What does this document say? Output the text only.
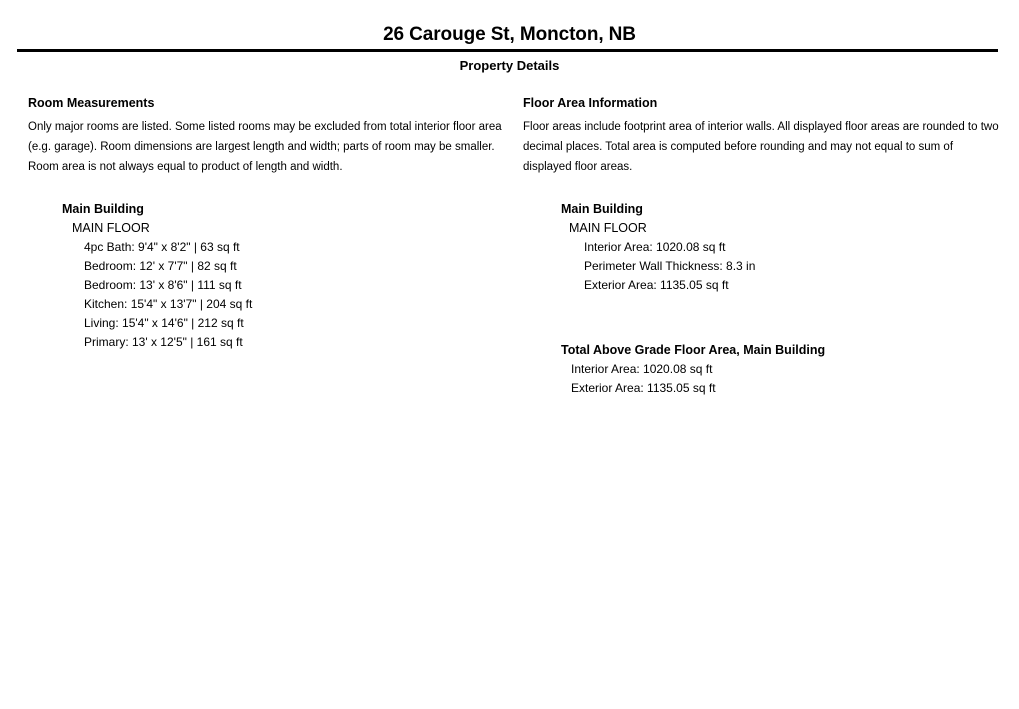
26 Carouge St, Moncton, NB
Property Details

Room Measurements

Only major rooms are listed. Some listed rooms may be excluded from total interior floor area (e.g. garage). Room dimensions are largest length and width; parts of room may be smaller. Room area is not always equal to product of length and width.

Main Building

MAIN FLOOR

4pc Bath: 9'4" x 8'2" | 63 sq ft

Bedroom: 12' x 7'7" | 82 sq ft

Bedroom: 13' x 8'6" | 111 sq ft

Kitchen: 15'4" x 13'7" | 204 sq ft

Living: 15'4" x 14'6" | 212 sq ft

Primary: 13' x 12'5" | 161 sq ft

Floor Area Information

Floor areas include footprint area of interior walls. All displayed floor areas are rounded to two decimal places. Total area is computed before rounding and may not equal to sum of displayed floor areas.

Main Building

MAIN FLOOR

Interior Area: 1020.08 sq ft

Perimeter Wall Thickness: 8.3 in

Exterior Area: 1135.05 sq ft

Total Above Grade Floor Area, Main Building

Interior Area: 1020.08 sq ft

Exterior Area: 1135.05 sq ft
